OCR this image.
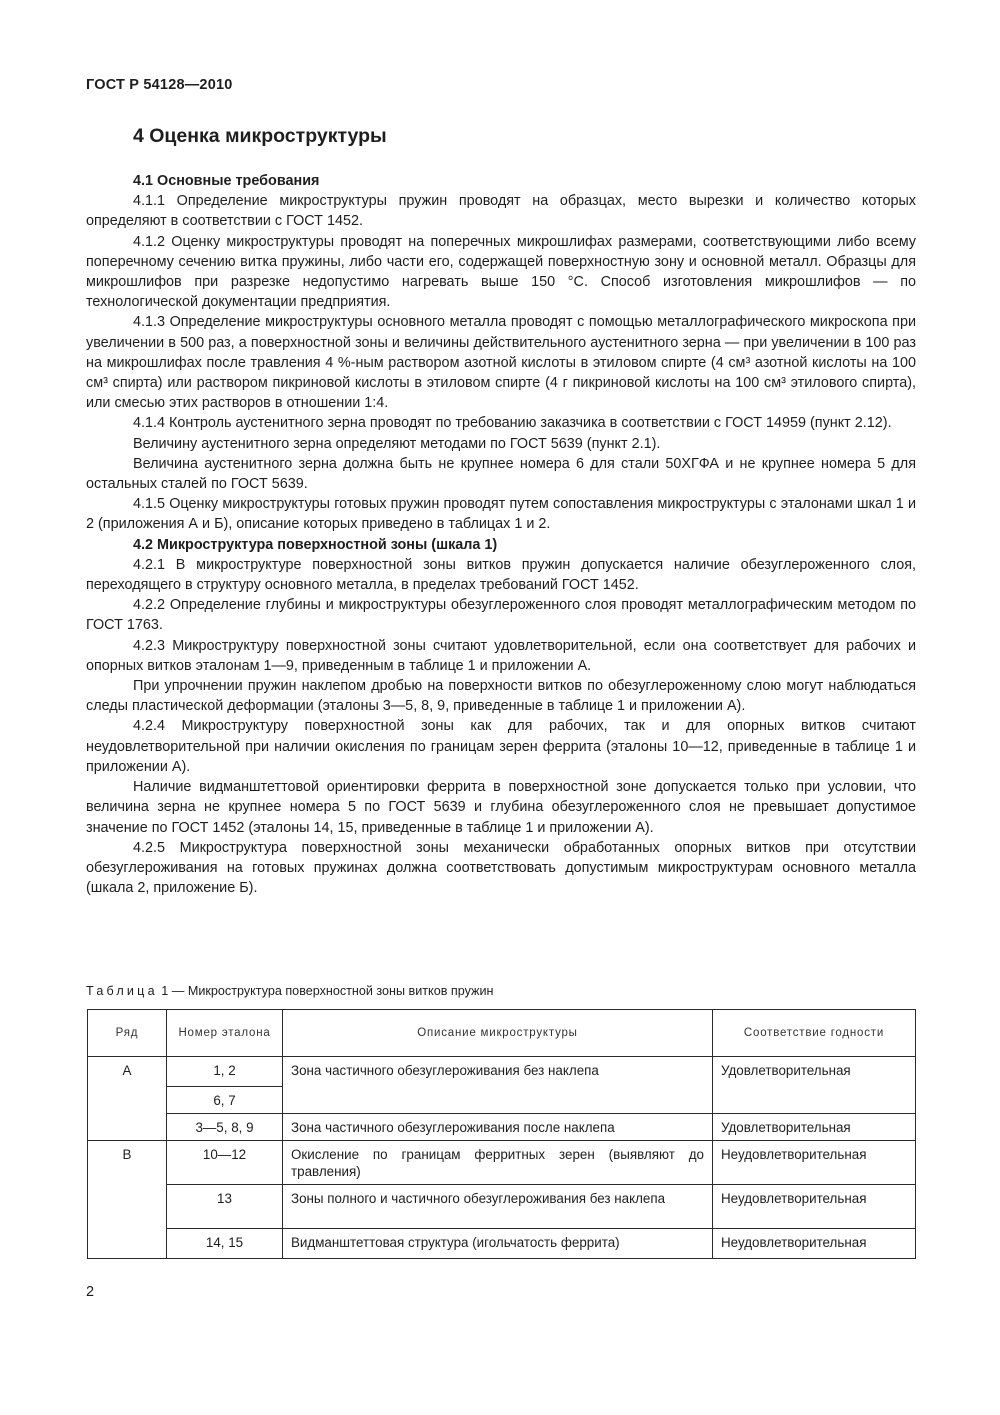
ГОСТ Р 54128—2010
4 Оценка микроструктуры

4.1 Основные требования

4.1.1 Определение микроструктуры пружин проводят на образцах, место вырезки и количество которых определяют в соответствии с ГОСТ 1452.

4.1.2 Оценку микроструктуры проводят на поперечных микрошлифах размерами, соответствующими либо всему поперечному сечению витка пружины, либо части его, содержащей поверхностную зону и основной металл. Образцы для микрошлифов при разрезке недопустимо нагревать выше 150 °С. Способ изготовления микрошлифов — по технологической документации предприятия.

4.1.3 Определение микроструктуры основного металла проводят с помощью металлографического микроскопа при увеличении в 500 раз, а поверхностной зоны и величины действительного аустенитного зерна — при увеличении в 100 раз на микрошлифах после травления 4 %-ным раствором азотной кислоты в этиловом спирте (4 см³ азотной кислоты на 100 см³ спирта) или раствором пикриновой кислоты в этиловом спирте (4 г пикриновой кислоты на 100 см³ этилового спирта), или смесью этих растворов в отношении 1:4.

4.1.4 Контроль аустенитного зерна проводят по требованию заказчика в соответствии с ГОСТ 14959 (пункт 2.12).

Величину аустенитного зерна определяют методами по ГОСТ 5639 (пункт 2.1).

Величина аустенитного зерна должна быть не крупнее номера 6 для стали 50ХГФА и не крупнее номера 5 для остальных сталей по ГОСТ 5639.

4.1.5 Оценку микроструктуры готовых пружин проводят путем сопоставления микроструктуры с эталонами шкал 1 и 2 (приложения А и Б), описание которых приведено в таблицах 1 и 2.

4.2 Микроструктура поверхностной зоны (шкала 1)

4.2.1 В микроструктуре поверхностной зоны витков пружин допускается наличие обезуглероженного слоя, переходящего в структуру основного металла, в пределах требований ГОСТ 1452.

4.2.2 Определение глубины и микроструктуры обезуглероженного слоя проводят металлографическим методом по ГОСТ 1763.

4.2.3 Микроструктуру поверхностной зоны считают удовлетворительной, если она соответствует для рабочих и опорных витков эталонам 1—9, приведенным в таблице 1 и приложении А.

При упрочнении пружин наклепом дробью на поверхности витков по обезуглероженному слою могут наблюдаться следы пластической деформации (эталоны 3—5, 8, 9, приведенные в таблице 1 и приложении А).

4.2.4 Микроструктуру поверхностной зоны как для рабочих, так и для опорных витков считают неудовлетворительной при наличии окисления по границам зерен феррита (эталоны 10—12, приведенные в таблице 1 и приложении А).

Наличие видманштеттовой ориентировки феррита в поверхностной зоне допускается только при условии, что величина зерна не крупнее номера 5 по ГОСТ 5639 и глубина обезуглероженного слоя не превышает допустимое значение по ГОСТ 1452 (эталоны 14, 15, приведенные в таблице 1 и приложении А).

4.2.5 Микроструктура поверхностной зоны механически обработанных опорных витков при отсутствии обезуглероживания на готовых пружинах должна соответствовать допустимым микроструктурам основного металла (шкала 2, приложение Б).

Таблица 1 — Микроструктура поверхностной зоны витков пружин
Ряд	Номер эталона	Описание микроструктуры	Соответствие годности
А	1, 2	Зона частичного обезуглероживания без наклепа	Удовлетворительная
	6, 7		
	3—5, 8, 9	Зона частичного обезуглероживания после наклепа	Удовлетворительная
В	10—12	Окисление по границам ферритных зерен (выявляют до травления)	Неудовлетворительная
	13	Зоны полного и частичного обезуглероживания без наклепа	Неудовлетворительная
	14, 15	Видманштеттовая структура (игольчатость феррита)	Неудовлетворительная
2
